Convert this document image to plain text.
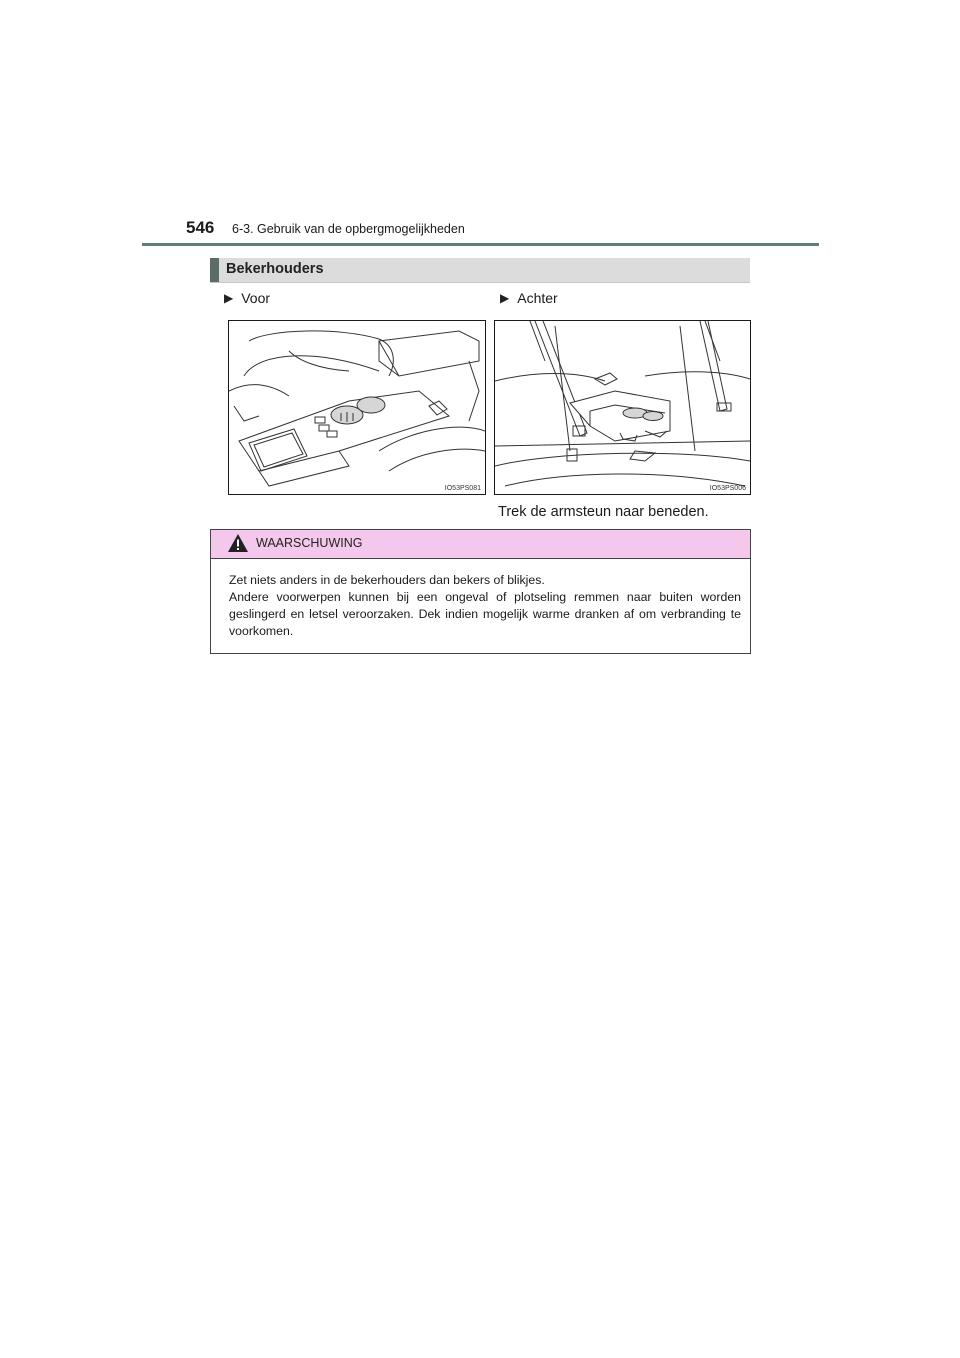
546 6-3. Gebruik van de opbergmogelijkheden
Bekerhouders
▶ Voor	▶ Achter
IO53PS081	IO53PS006
Trek de armsteun naar beneden.
WAARSCHUWING

Zet niets anders in de bekerhouders dan bekers of blikjes.

Andere voorwerpen kunnen bij een ongeval of plotseling remmen naar buiten worden geslingerd en letsel veroorzaken. Dek indien mogelijk warme dranken af om verbranding te voorkomen.
